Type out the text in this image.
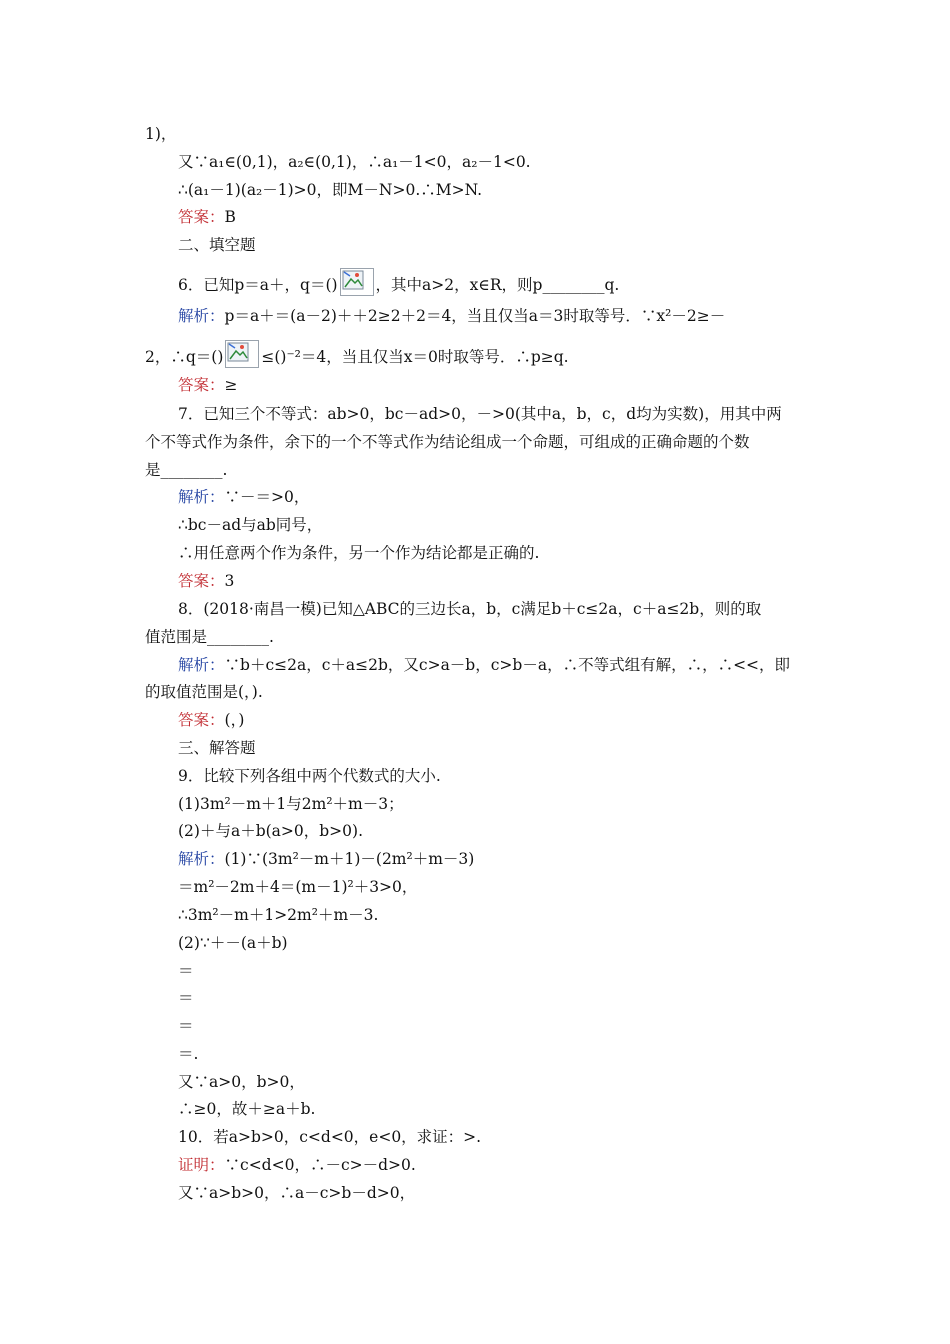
1)，
又∵a₁∈(0,1)，a₂∈(0,1)，∴a₁－1<0，a₂－1<0.
∴(a₁－1)(a₂－1)>0，即M－N>0.∴M>N.
答案：B
二、填空题
6．已知p＝a＋，q＝() ，其中a>2，x∈R，则p________q.
解析：p＝a＋＝(a－2)＋＋2≥2＋2＝4，当且仅当a＝3时取等号．∵x²－2≥－
2，∴q＝() ≤()⁻²＝4，当且仅当x＝0时取等号．∴p≥q.
答案：≥
7．已知三个不等式：ab>0，bc－ad>0，－>0(其中a，b，c，d均为实数)，用其中两
个不等式作为条件，余下的一个不等式作为结论组成一个命题，可组成的正确命题的个数
是________.
解析：∵－＝>0，
∴bc－ad与ab同号，
∴用任意两个作为条件，另一个作为结论都是正确的.
答案：3
8．(2018·南昌一模)已知△ABC的三边长a，b，c满足b＋c≤2a，c＋a≤2b，则的取
值范围是________.
解析：∵b＋c≤2a，c＋a≤2b，又c>a－b，c>b－a，∴不等式组有解，∴，∴<<，即
的取值范围是(，).
答案：(，)
三、解答题
9．比较下列各组中两个代数式的大小.
(1)3m²－m＋1与2m²＋m－3；
(2)＋与a＋b(a>0，b>0).
解析：(1)∵(3m²－m＋1)－(2m²＋m－3)
＝m²－2m＋4＝(m－1)²＋3>0，
∴3m²－m＋1>2m²＋m－3.
(2)∵＋－(a＋b)
＝
＝
＝
＝.
又∵a>0，b>0，
∴≥0，故＋≥a＋b.
10．若a>b>0，c<d<0，e<0，求证：>.
证明：∵c<d<0，∴－c>－d>0.
又∵a>b>0，∴a－c>b－d>0，
